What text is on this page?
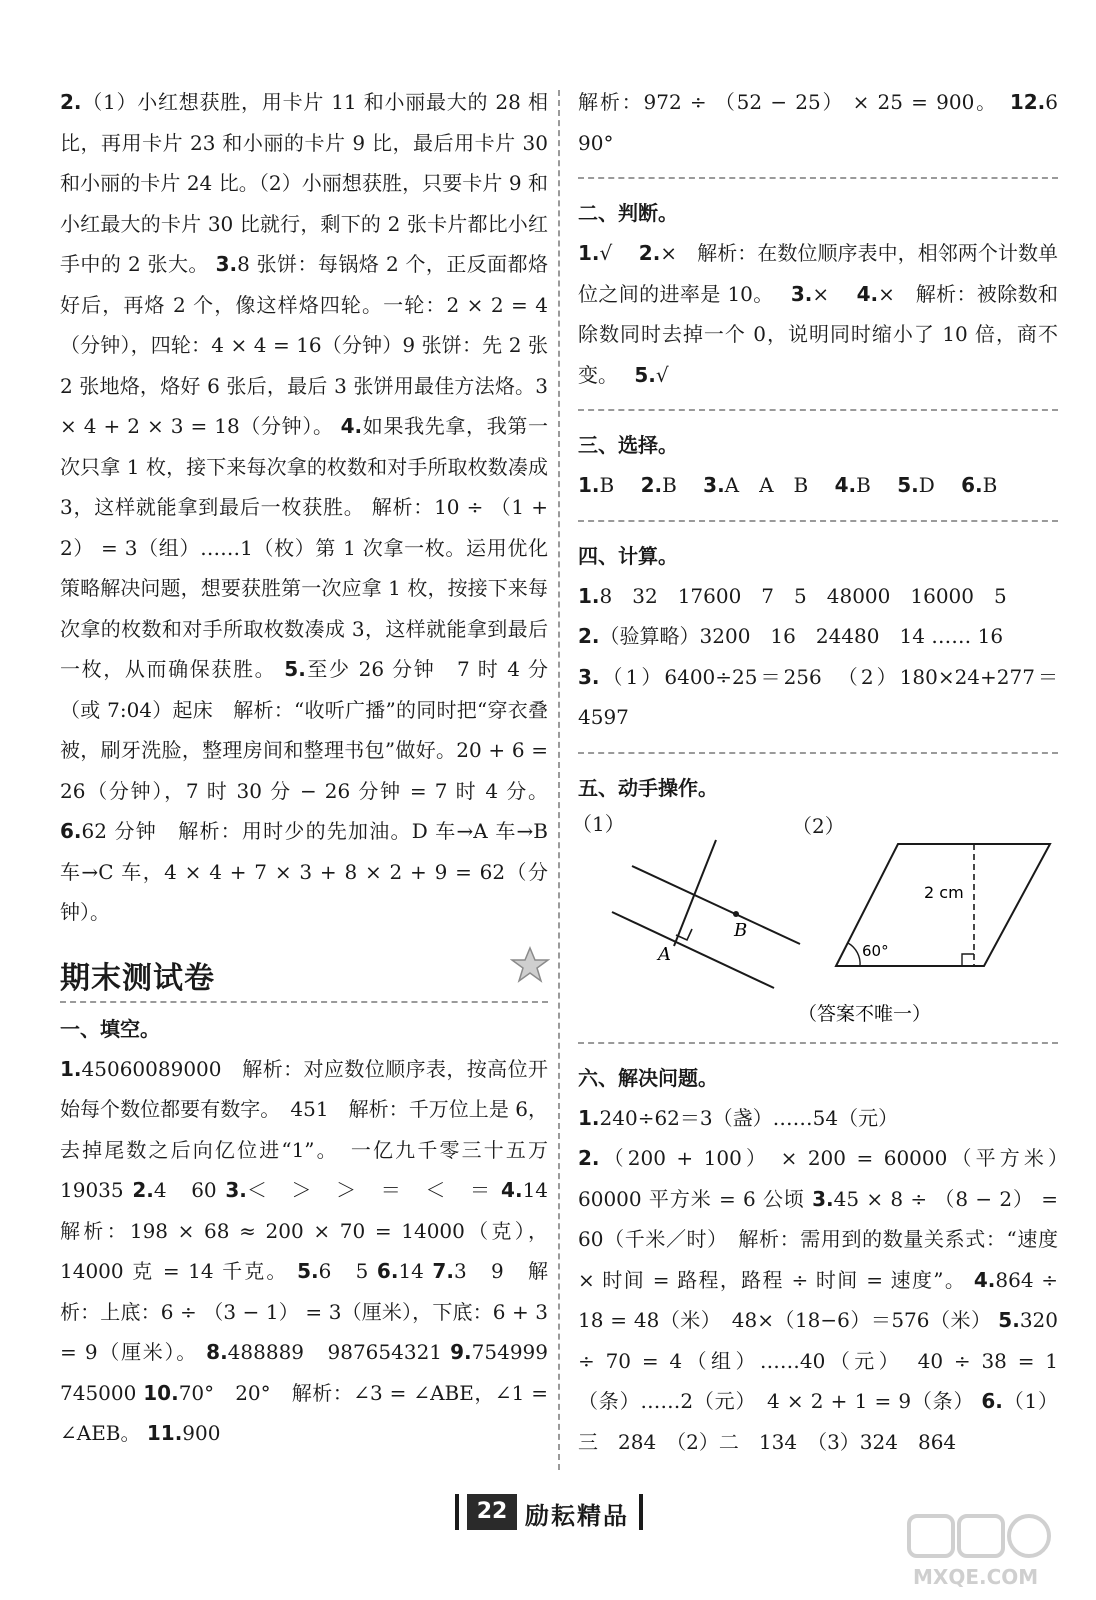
2.（1）小红想获胜，用卡片 11 和小丽最大的 28 相比，再用卡片 23 和小丽的卡片 9 比，最后用卡片 30 和小丽的卡片 24 比。（2）小丽想获胜，只要卡片 9 和小红最大的卡片 30 比就行，剩下的 2 张卡片都比小红手中的 2 张大。 3.8 张饼：每锅烙 2 个，正反面都烙好后，再烙 2 个，像这样烙四轮。一轮：2 × 2 = 4（分钟），四轮：4 × 4 = 16（分钟）9 张饼：先 2 张 2 张地烙，烙好 6 张后，最后 3 张饼用最佳方法烙。3 × 4 + 2 × 3 = 18（分钟）。 4.如果我先拿，我第一次只拿 1 枚，接下来每次拿的枚数和对手所取枚数凑成 3，这样就能拿到最后一枚获胜。 解析：10 ÷ （1 + 2） = 3（组）……1（枚）第 1 次拿一枚。运用优化策略解决问题，想要获胜第一次应拿 1 枚，按接下来每次拿的枚数和对手所取枚数凑成 3，这样就能拿到最后一枚，从而确保获胜。 5.至少 26 分钟　7 时 4 分（或 7:04）起床　解析：“收听广播”的同时把“穿衣叠被，刷牙洗脸，整理房间和整理书包”做好。20 + 6 = 26（分钟），7 时 30 分 − 26 分钟 = 7 时 4 分。 6.62 分钟　解析：用时少的先加油。D 车→A 车→B 车→C 车，4 × 4 + 7 × 3 + 8 × 2 + 9 = 62（分钟）。

期末测试卷
一、填空。

1.45060089000　解析：对应数位顺序表，按高位开始每个数位都要有数字。　451　解析：千万位上是 6，去掉尾数之后向亿位进“1”。　一亿九千零三十五万　19035 2.4　60 3.＜　＞　＞　＝　＜　＝ 4.14　解析：198 × 68 ≈ 200 × 70 = 14000（克），14000 克 = 14 千克。 5.6　5 6.14 7.3　9　解析：上底：6 ÷ （3 − 1） = 3（厘米），下底：6 + 3 = 9（厘米）。 8.488889　987654321 9.754999　745000 10.70°　20°　解析：∠3 = ∠ABE，∠1 = ∠AEB。 11.900

解析：972 ÷ （52 − 25） × 25 = 900。　 12.6　90°

二、判断。

1.√　 2.×　解析：在数位顺序表中，相邻两个计数单位之间的进率是 10。　 3.×　 4.×　解析：被除数和除数同时去掉一个 0，说明同时缩小了 10 倍，商不变。　 5.√

三、选择。

1.B　 2.B　 3.A　A　B　 4.B　 5.D　 6.B

四、计算。

1.8　32　17600　7　5　48000　16000　5

2.（验算略）3200　16　24480　14 …… 16

3.（1）6400÷25＝256　（2）180×24+277＝4597

五、动手操作。
（1）	（2）
B
A
2 cm
60°
（答案不唯一）
六、解决问题。

1.240÷62＝3（盏）……54（元）
2.（200 + 100） × 200 = 60000（平方米）　60000 平方米 = 6 公顷 3.45 × 8 ÷ （8 − 2） = 60（千米／时）　解析：需用到的数量关系式：“速度 × 时间 = 路程，路程 ÷ 时间 = 速度”。 4.864 ÷ 18 = 48（米）　48×（18−6）＝576（米） 5.320 ÷ 70 = 4（组）……40（元）　40 ÷ 38 = 1（条）……2（元）　4 × 2 + 1 = 9（条） 6.（1）三　284　（2）二　134　（3）324　864

22 励耘精品
MXQE.COM
